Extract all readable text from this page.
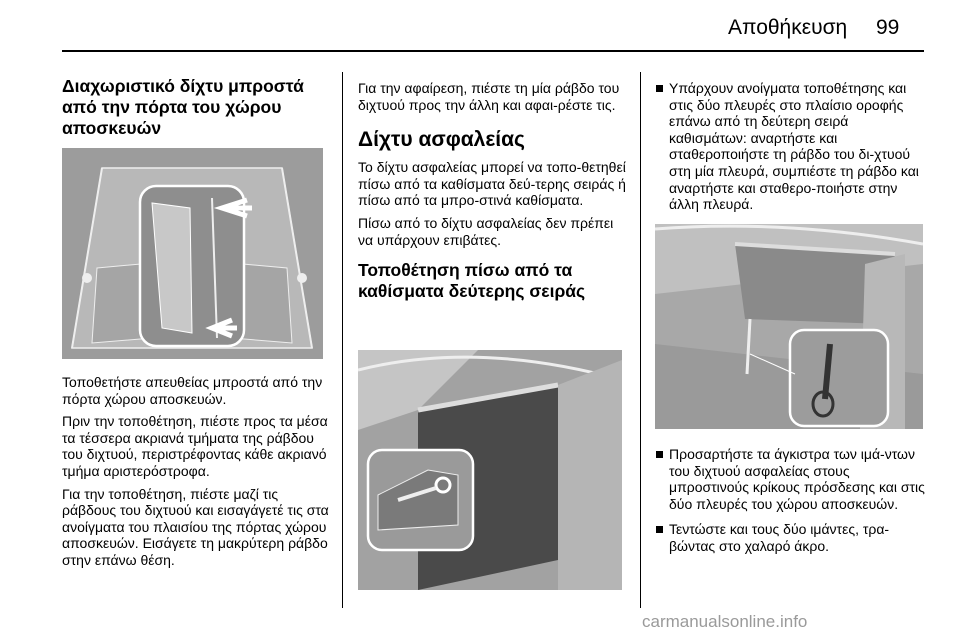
Αποθήκευση 99
Διαχωριστικό δίχτυ μπροστά από την πόρτα του χώρου αποσκευών

Τοποθετήστε απευθείας μπροστά από την πόρτα χώρου αποσκευών.

Πριν την τοποθέτηση, πιέστε προς τα μέσα τα τέσσερα ακριανά τμήματα της ράβδου του διχτυού, περιστρέφοντας κάθε ακριανό τμήμα αριστερόστροφα.

Για την τοποθέτηση, πιέστε μαζί τις ράβδους του διχτυού και εισαγάγετέ τις στα ανοίγματα του πλαισίου της πόρτας χώρου αποσκευών. Εισάγετε τη μακρύτερη ράβδο στην επάνω θέση.

Για την αφαίρεση, πιέστε τη μία ράβδο του διχτυού προς την άλλη και αφαι-ρέστε τις.

Δίχτυ ασφαλείας

Το δίχτυ ασφαλείας μπορεί να τοπο-θετηθεί πίσω από τα καθίσματα δεύ-τερης σειράς ή πίσω από τα μπρο-στινά καθίσματα.

Πίσω από το δίχτυ ασφαλείας δεν πρέπει να υπάρχουν επιβάτες.

Τοποθέτηση πίσω από τα καθίσματα δεύτερης σειράς
Υπάρχουν ανοίγματα τοποθέτησης και στις δύο πλευρές στο πλαίσιο οροφής επάνω από τη δεύτερη σειρά καθισμάτων: αναρτήστε και σταθεροποιήστε τη ράβδο του δι-χτυού στη μία πλευρά, συμπιέστε τη ράβδο και αναρτήστε και σταθερο-ποιήστε στην άλλη πλευρά.
Προσαρτήστε τα άγκιστρα των ιμά-ντων του διχτυού ασφαλείας στους μπροστινούς κρίκους πρόσδεσης και στις δύο πλευρές του χώρου αποσκευών.
Τεντώστε και τους δύο ιμάντες, τρα-βώντας στο χαλαρό άκρο.
carmanualsonline.info
